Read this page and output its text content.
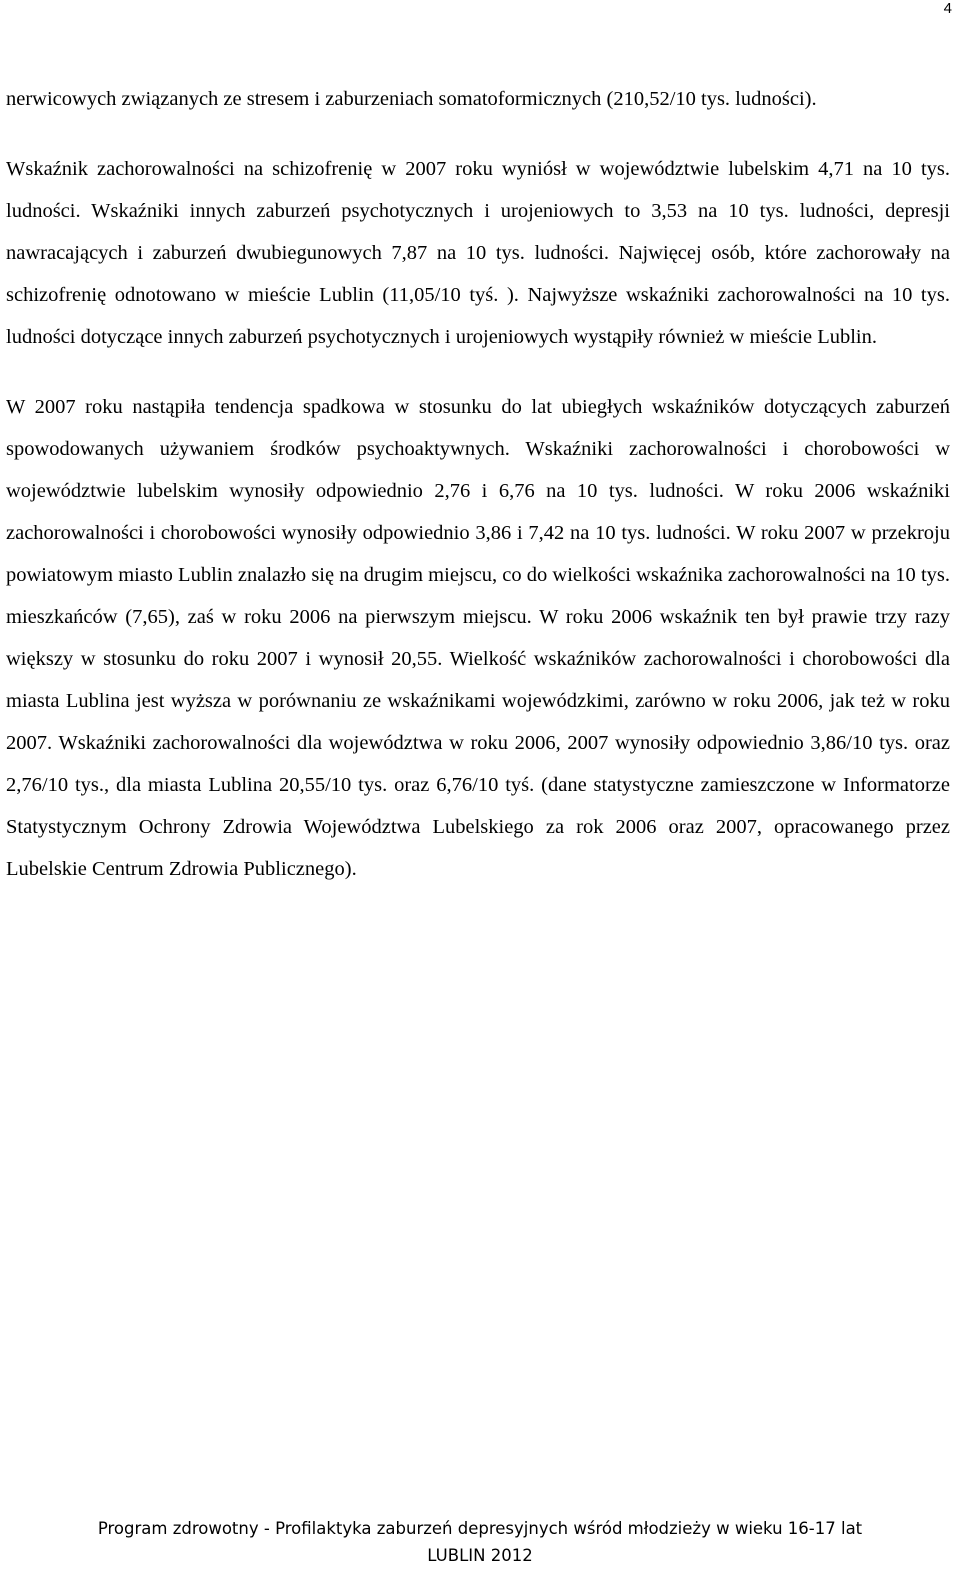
4

nerwicowych związanych ze stresem i zaburzeniach somatoformicznych (210,52/10 tys. ludności).

Wskaźnik zachorowalności na schizofrenię w 2007 roku wyniósł w województwie lubelskim 4,71 na 10 tys. ludności. Wskaźniki innych zaburzeń psychotycznych i urojeniowych to 3,53 na 10 tys. ludności, depresji nawracających i zaburzeń dwubiegunowych 7,87 na 10 tys. ludności. Najwięcej osób, które zachorowały na schizofrenię odnotowano w mieście Lublin (11,05/10 tyś. ). Najwyższe wskaźniki zachorowalności na 10 tys. ludności dotyczące innych zaburzeń psychotycznych i urojeniowych wystąpiły również w mieście Lublin.

W 2007 roku nastąpiła tendencja spadkowa w stosunku do lat ubiegłych wskaźników dotyczących zaburzeń spowodowanych używaniem środków psychoaktywnych. Wskaźniki zachorowalności i chorobowości w województwie lubelskim wynosiły odpowiednio 2,76 i 6,76 na 10 tys. ludności. W roku 2006 wskaźniki zachorowalności i chorobowości wynosiły odpowiednio 3,86 i 7,42 na 10 tys. ludności. W roku 2007 w przekroju powiatowym miasto Lublin znalazło się na drugim miejscu, co do wielkości wskaźnika zachorowalności na 10 tys. mieszkańców (7,65), zaś w roku 2006 na pierwszym miejscu. W roku 2006 wskaźnik ten był prawie trzy razy większy w stosunku do roku 2007 i wynosił 20,55. Wielkość wskaźników zachorowalności i chorobowości dla miasta Lublina jest wyższa w porównaniu ze wskaźnikami wojewódzkimi, zarówno w roku 2006, jak też w roku 2007. Wskaźniki zachorowalności dla województwa w roku 2006, 2007 wynosiły odpowiednio 3,86/10 tys. oraz 2,76/10 tys., dla miasta Lublina 20,55/10 tys. oraz 6,76/10 tyś. (dane statystyczne zamieszczone w Informatorze Statystycznym Ochrony Zdrowia Województwa Lubelskiego za rok 2006 oraz 2007, opracowanego przez Lubelskie Centrum Zdrowia Publicznego).

Program zdrowotny - Profilaktyka zaburzeń depresyjnych wśród młodzieży w wieku 16-17 lat
LUBLIN 2012
